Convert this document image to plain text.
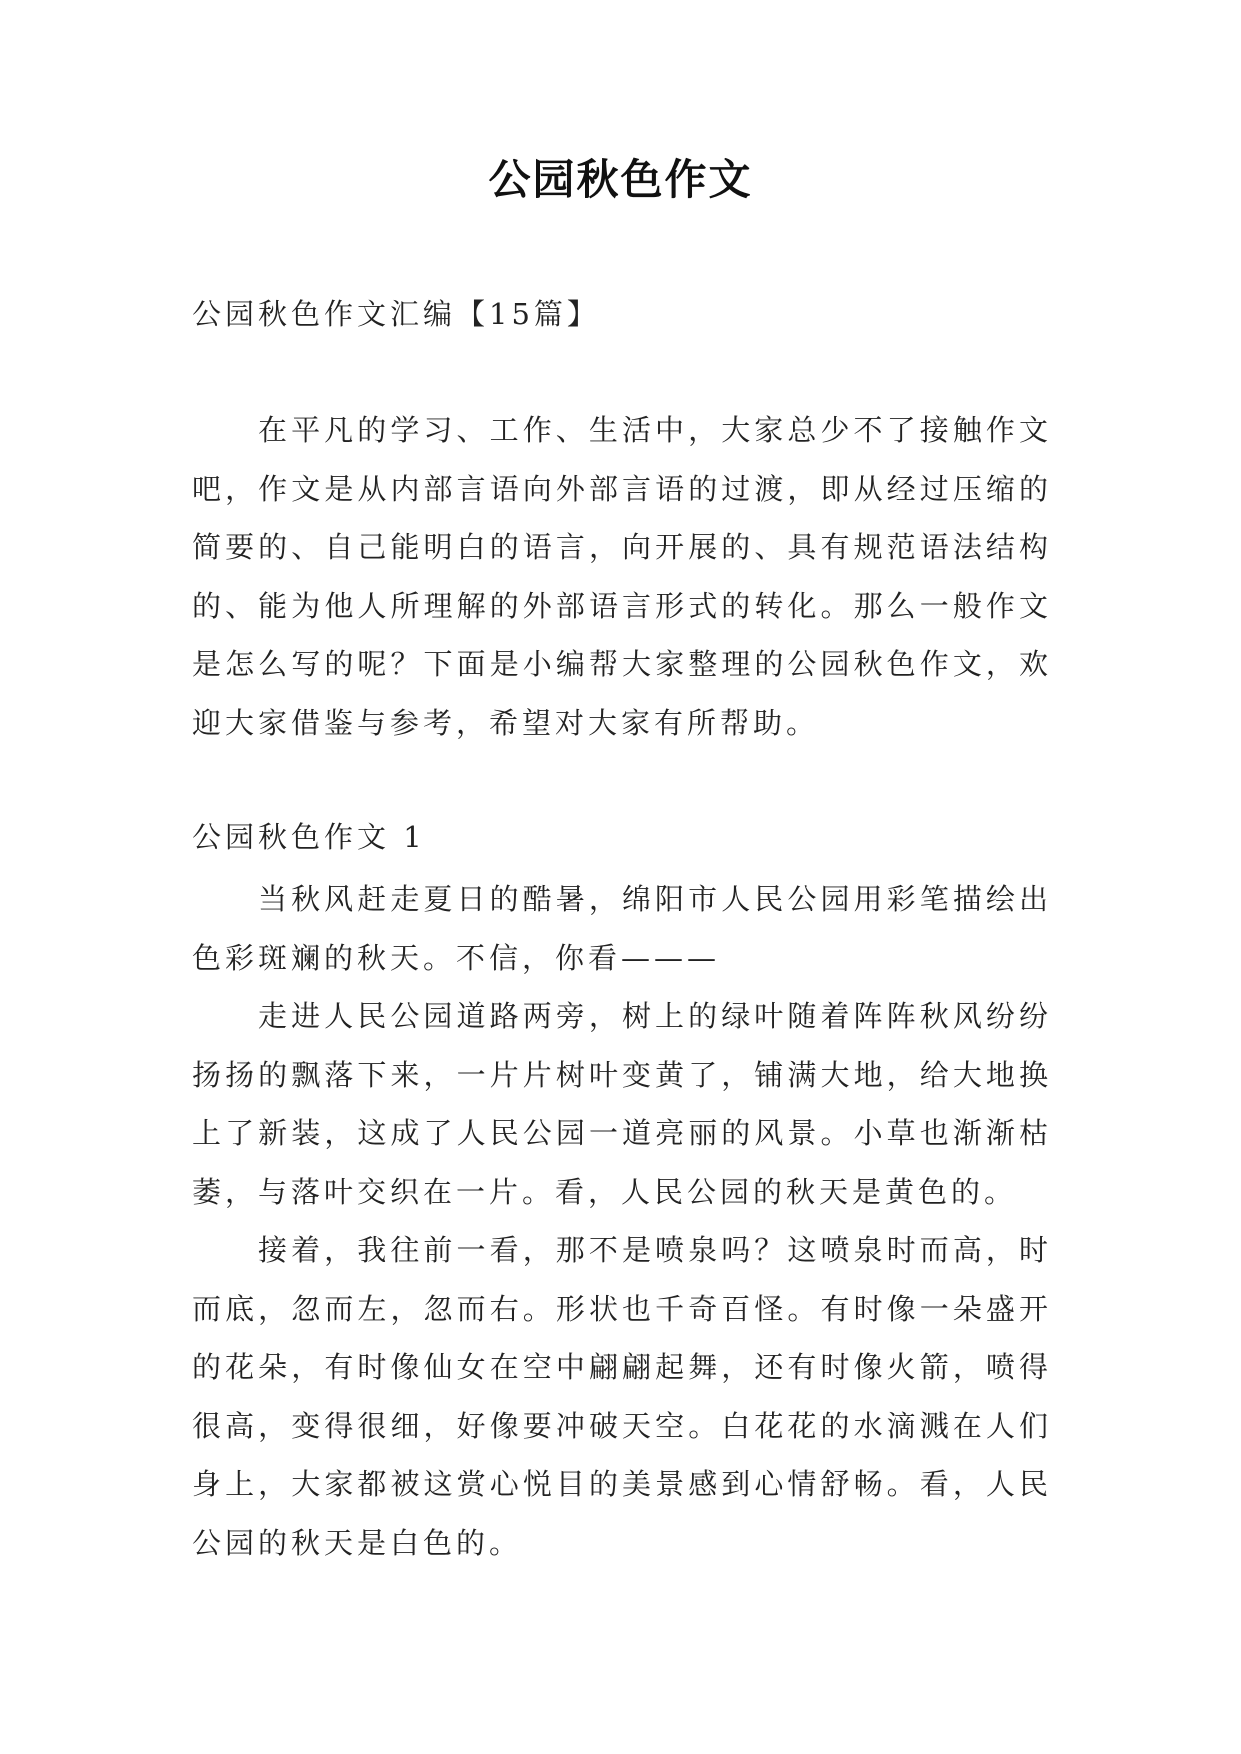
公园秋色作文

公园秋色作文汇编【15篇】

在平凡的学习、工作、生活中，大家总少不了接触作文吧，作文是从内部言语向外部言语的过渡，即从经过压缩的简要的、自己能明白的语言，向开展的、具有规范语法结构的、能为他人所理解的外部语言形式的转化。那么一般作文是怎么写的呢？下面是小编帮大家整理的公园秋色作文，欢迎大家借鉴与参考，希望对大家有所帮助。

公园秋色作文 1

当秋风赶走夏日的酷暑，绵阳市人民公园用彩笔描绘出色彩斑斓的秋天。不信，你看———

走进人民公园道路两旁，树上的绿叶随着阵阵秋风纷纷扬扬的飘落下来，一片片树叶变黄了，铺满大地，给大地换上了新装，这成了人民公园一道亮丽的风景。小草也渐渐枯萎，与落叶交织在一片。看，人民公园的秋天是黄色的。

接着，我往前一看，那不是喷泉吗？这喷泉时而高，时而底，忽而左，忽而右。形状也千奇百怪。有时像一朵盛开的花朵，有时像仙女在空中翩翩起舞，还有时像火箭，喷得很高，变得很细，好像要冲破天空。白花花的水滴溅在人们身上，大家都被这赏心悦目的美景感到心情舒畅。看，人民公园的秋天是白色的。
